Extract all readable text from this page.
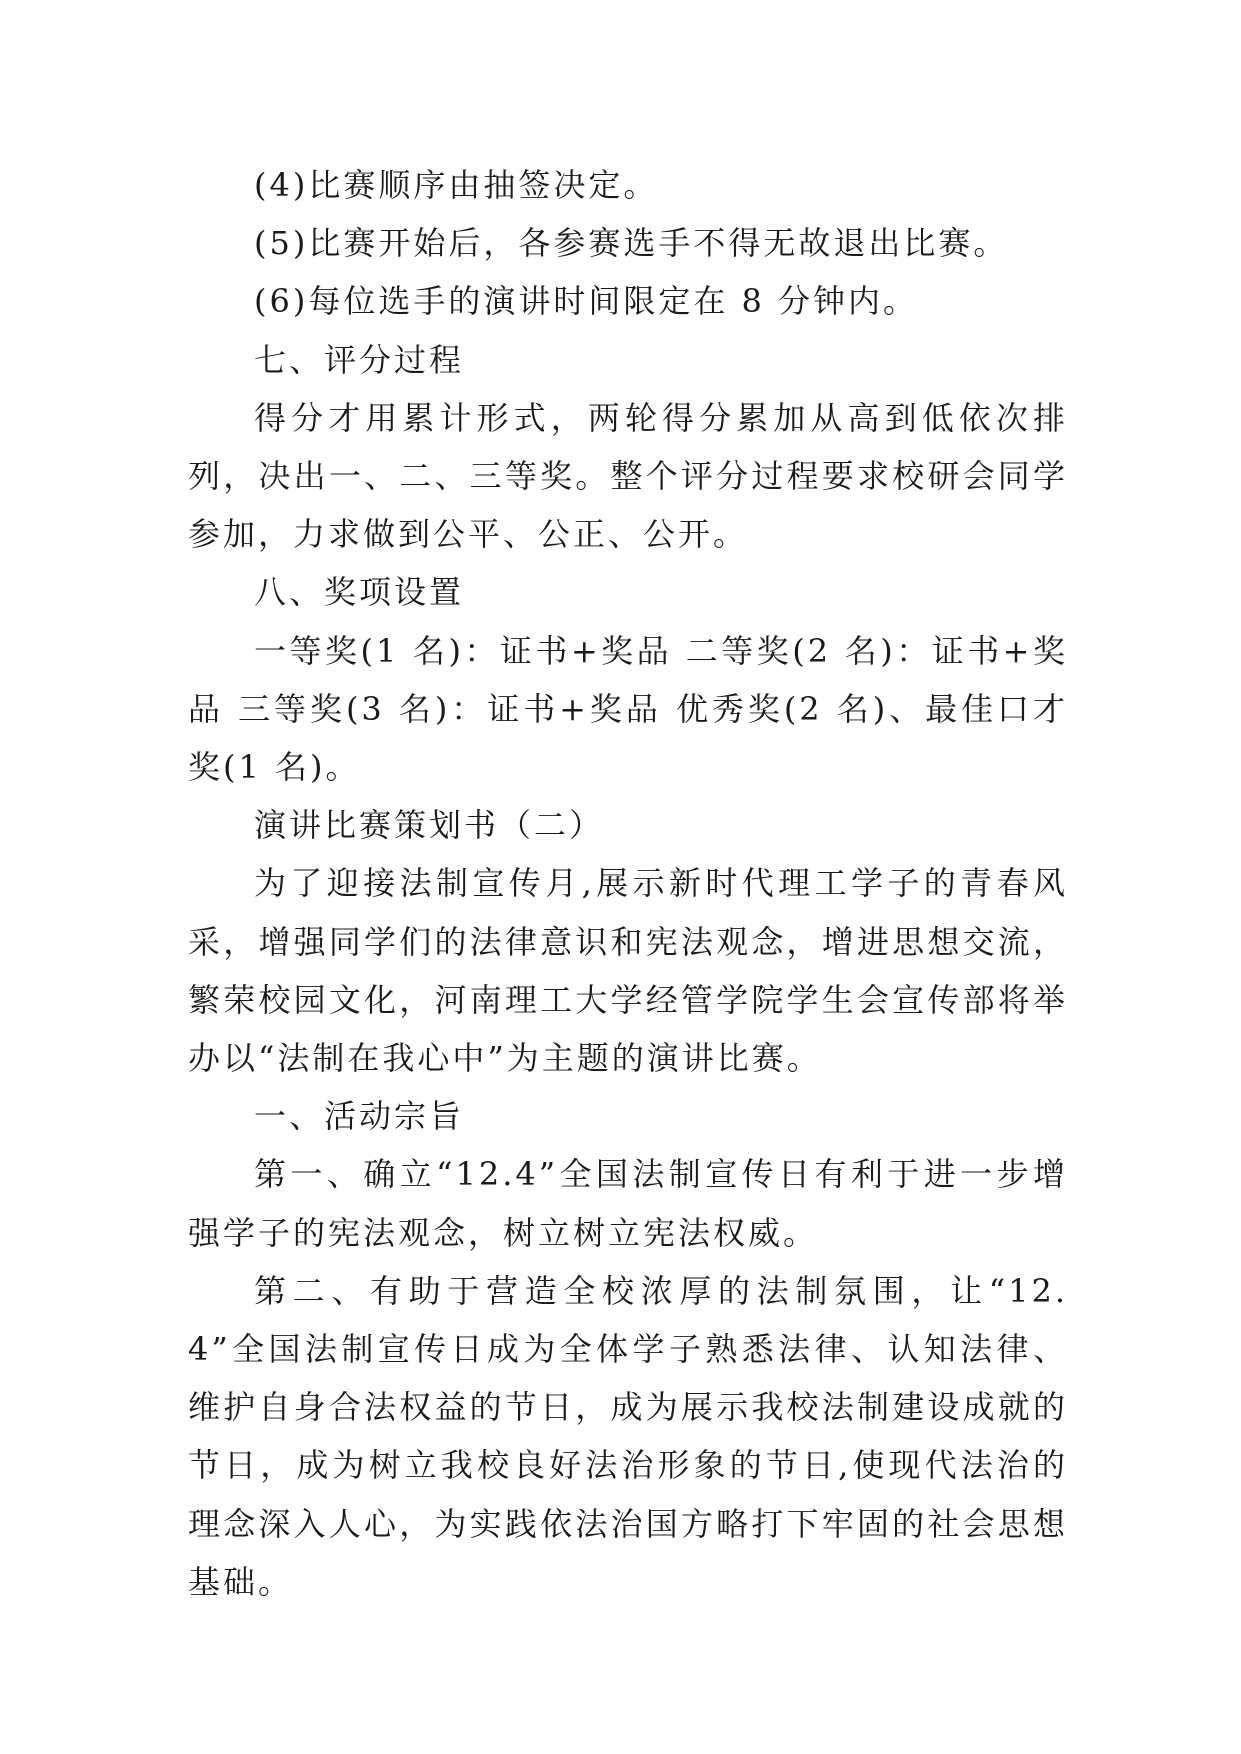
(4)比赛顺序由抽签决定。

(5)比赛开始后，各参赛选手不得无故退出比赛。

(6)每位选手的演讲时间限定在 8 分钟内。

七、评分过程

得分才用累计形式，两轮得分累加从高到低依次排列，决出一、二、三等奖。整个评分过程要求校研会同学参加，力求做到公平、公正、公开。

八、奖项设置

一等奖(1 名)：证书+奖品 二等奖(2 名)：证书+奖品 三等奖(3 名)：证书+奖品 优秀奖(2 名)、最佳口才奖(1 名)。

演讲比赛策划书（二）

为了迎接法制宣传月,展示新时代理工学子的青春风采，增强同学们的法律意识和宪法观念，增进思想交流，繁荣校园文化，河南理工大学经管学院学生会宣传部将举办以“法制在我心中”为主题的演讲比赛。

一、活动宗旨

第一、确立“12.4”全国法制宣传日有利于进一步增强学子的宪法观念，树立树立宪法权威。

第二、有助于营造全校浓厚的法制氛围，让“12.4”全国法制宣传日成为全体学子熟悉法律、认知法律、维护自身合法权益的节日，成为展示我校法制建设成就的节日，成为树立我校良好法治形象的节日,使现代法治的理念深入人心，为实践依法治国方略打下牢固的社会思想基础。
